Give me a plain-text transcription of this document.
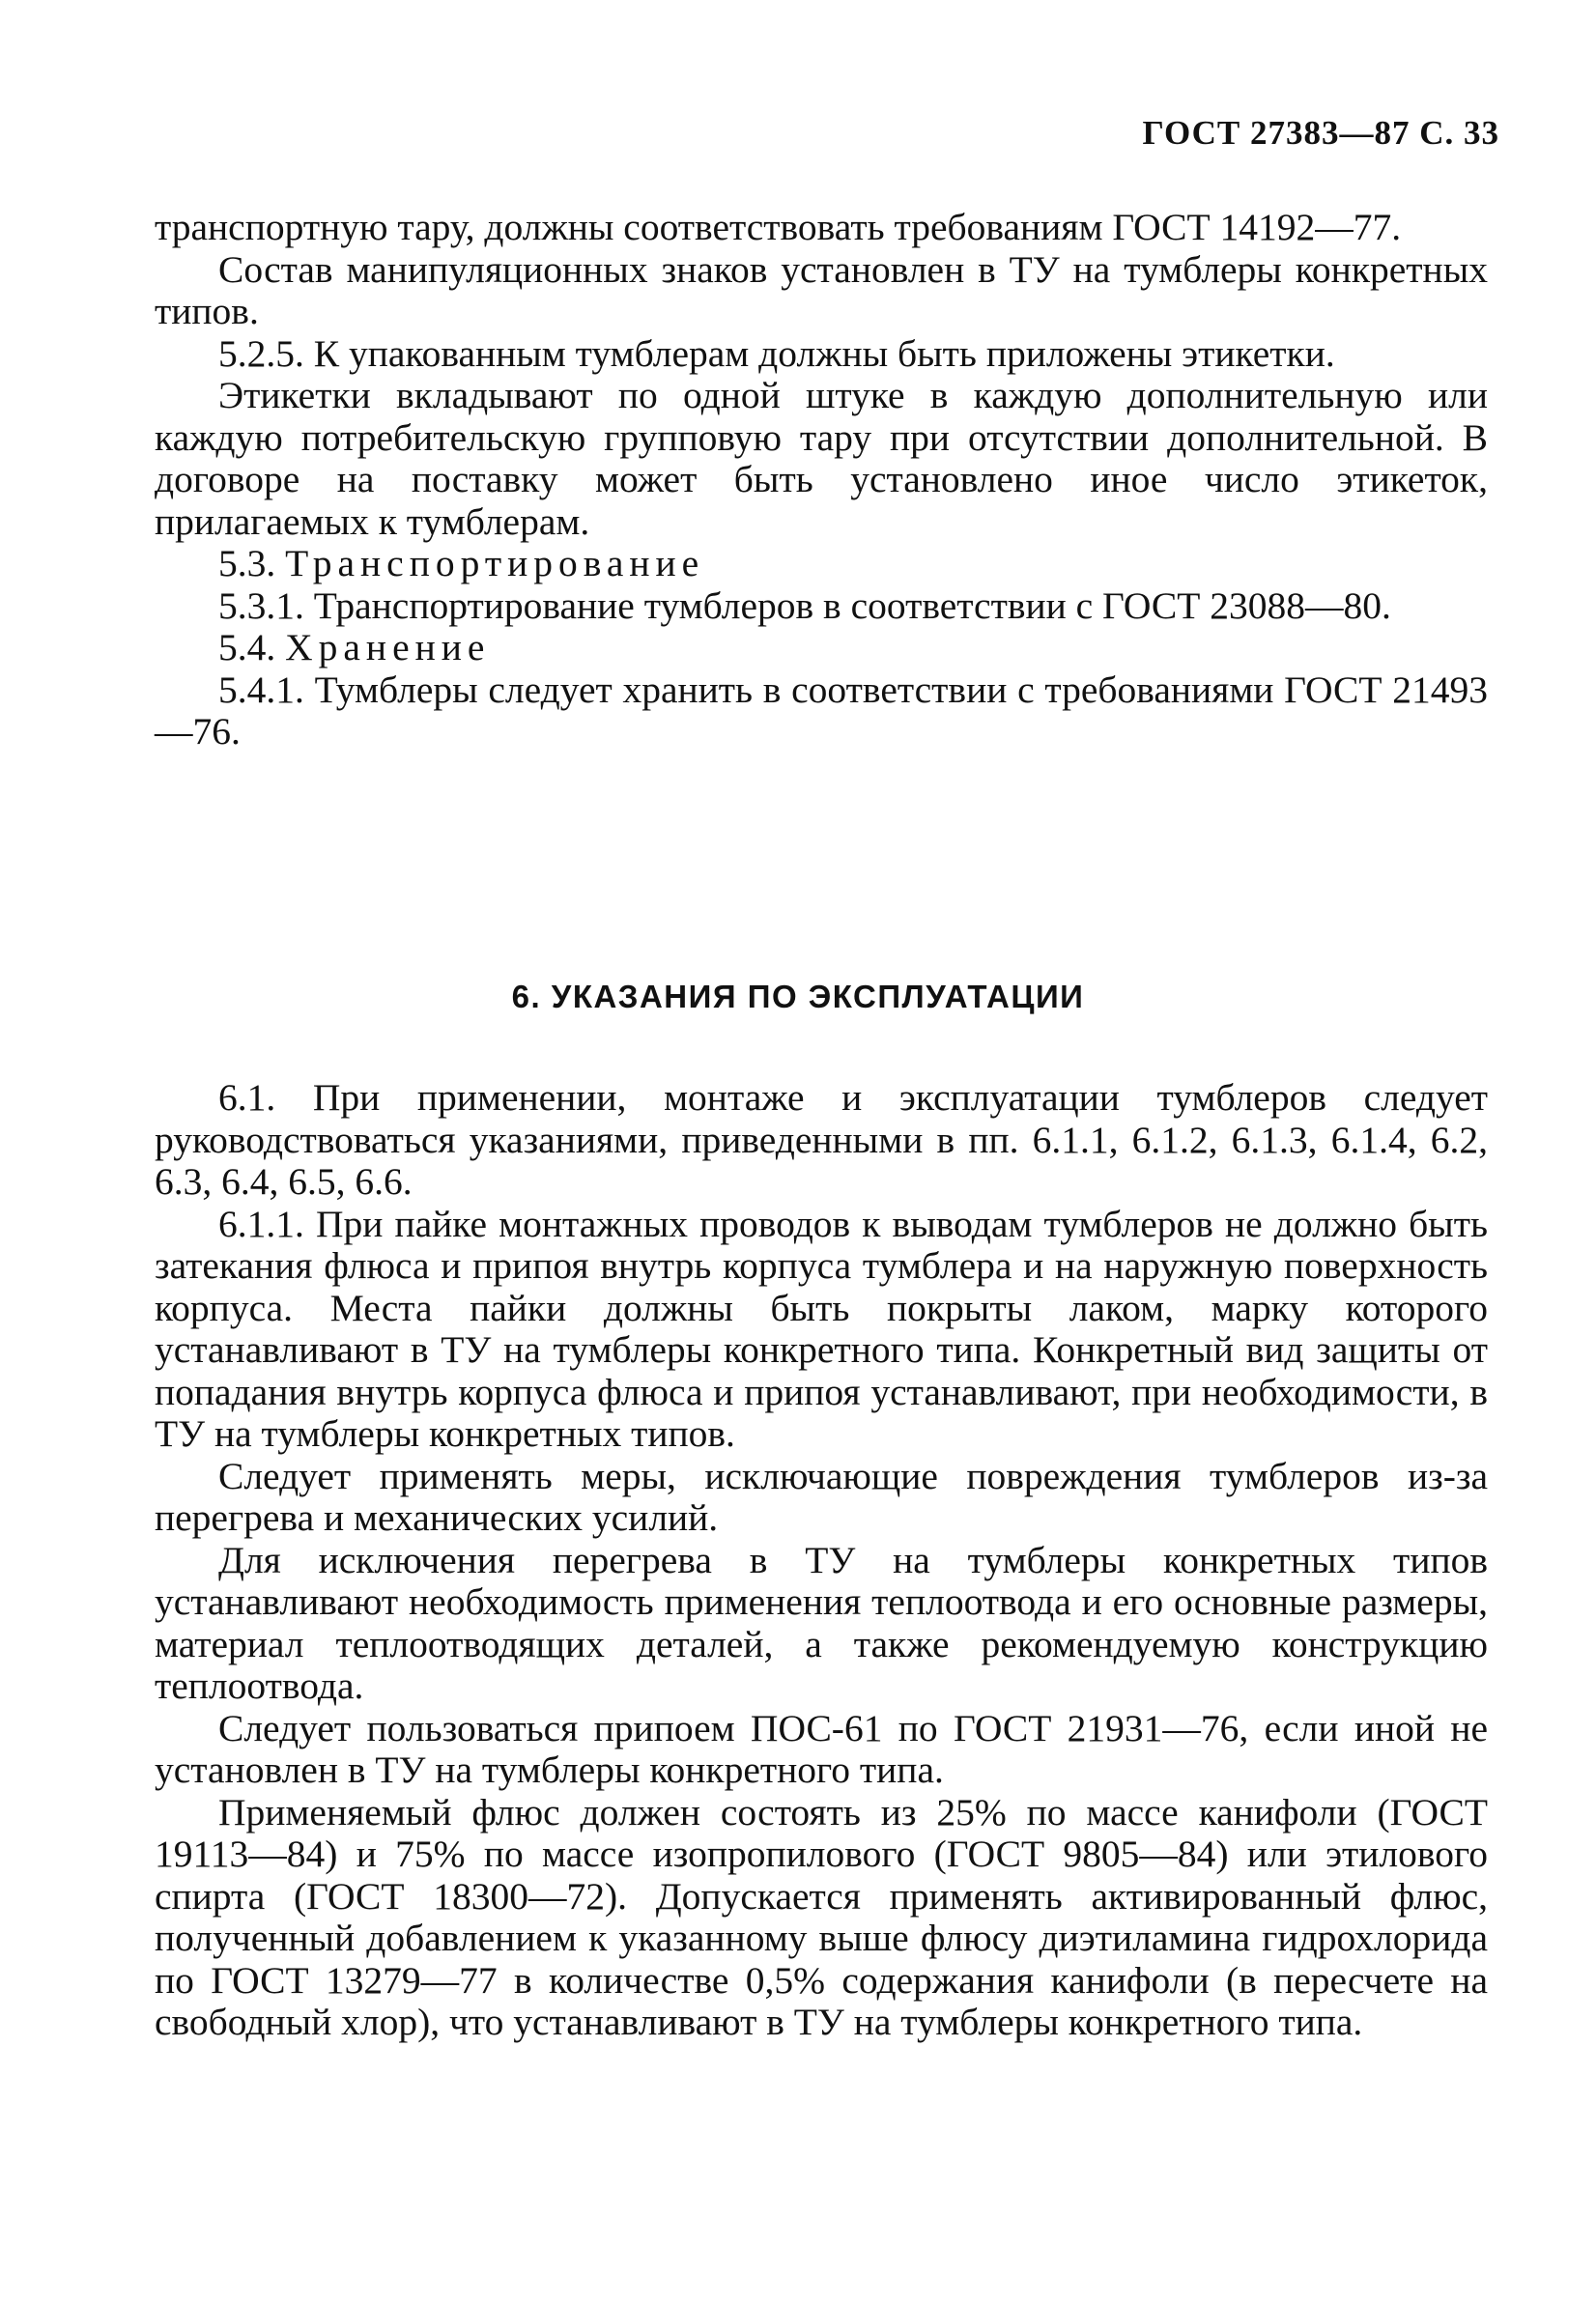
ГОСТ 27383—87 С. 33

транспортную тару, должны соответствовать требованиям ГОСТ 14192—77.

Состав манипуляционных знаков установлен в ТУ на тумблеры конкретных типов.

5.2.5. К упакованным тумблерам должны быть приложены этикетки.

Этикетки вкладывают по одной штуке в каждую дополнительную или каждую потребительскую групповую тару при отсутствии дополнительной. В договоре на поставку может быть установлено иное число этикеток, прилагаемых к тумблерам.

5.3. Транспортирование

5.3.1. Транспортирование тумблеров в соответствии с ГОСТ 23088—80.

5.4. Хранение

5.4.1. Тумблеры следует хранить в соответствии с требованиями ГОСТ 21493—76.

6. УКАЗАНИЯ ПО ЭКСПЛУАТАЦИИ

6.1. При применении, монтаже и эксплуатации тумблеров следует руководствоваться указаниями, приведенными в пп. 6.1.1, 6.1.2, 6.1.3, 6.1.4, 6.2, 6.3, 6.4, 6.5, 6.6.

6.1.1. При пайке монтажных проводов к выводам тумблеров не должно быть затекания флюса и припоя внутрь корпуса тумблера и на наружную поверхность корпуса. Места пайки должны быть покрыты лаком, марку которого устанавливают в ТУ на тумблеры конкретного типа. Конкретный вид защиты от попадания внутрь корпуса флюса и припоя устанавливают, при необходимости, в ТУ на тумблеры конкретных типов.

Следует применять меры, исключающие повреждения тумблеров из-за перегрева и механических усилий.

Для исключения перегрева в ТУ на тумблеры конкретных типов устанавливают необходимость применения теплоотвода и его основные размеры, материал теплоотводящих деталей, а также рекомендуемую конструкцию теплоотвода.

Следует пользоваться припоем ПОС-61 по ГОСТ 21931—76, если иной не установлен в ТУ на тумблеры конкретного типа.

Применяемый флюс должен состоять из 25% по массе канифоли (ГОСТ 19113—84) и 75% по массе изопропилового (ГОСТ 9805—84) или этилового спирта (ГОСТ 18300—72). Допускается применять активированный флюс, полученный добавлением к указанному выше флюсу диэтиламина гидрохлорида по ГОСТ 13279—77 в количестве 0,5% содержания канифоли (в пересчете на свободный хлор), что устанавливают в ТУ на тумблеры конкретного типа.
